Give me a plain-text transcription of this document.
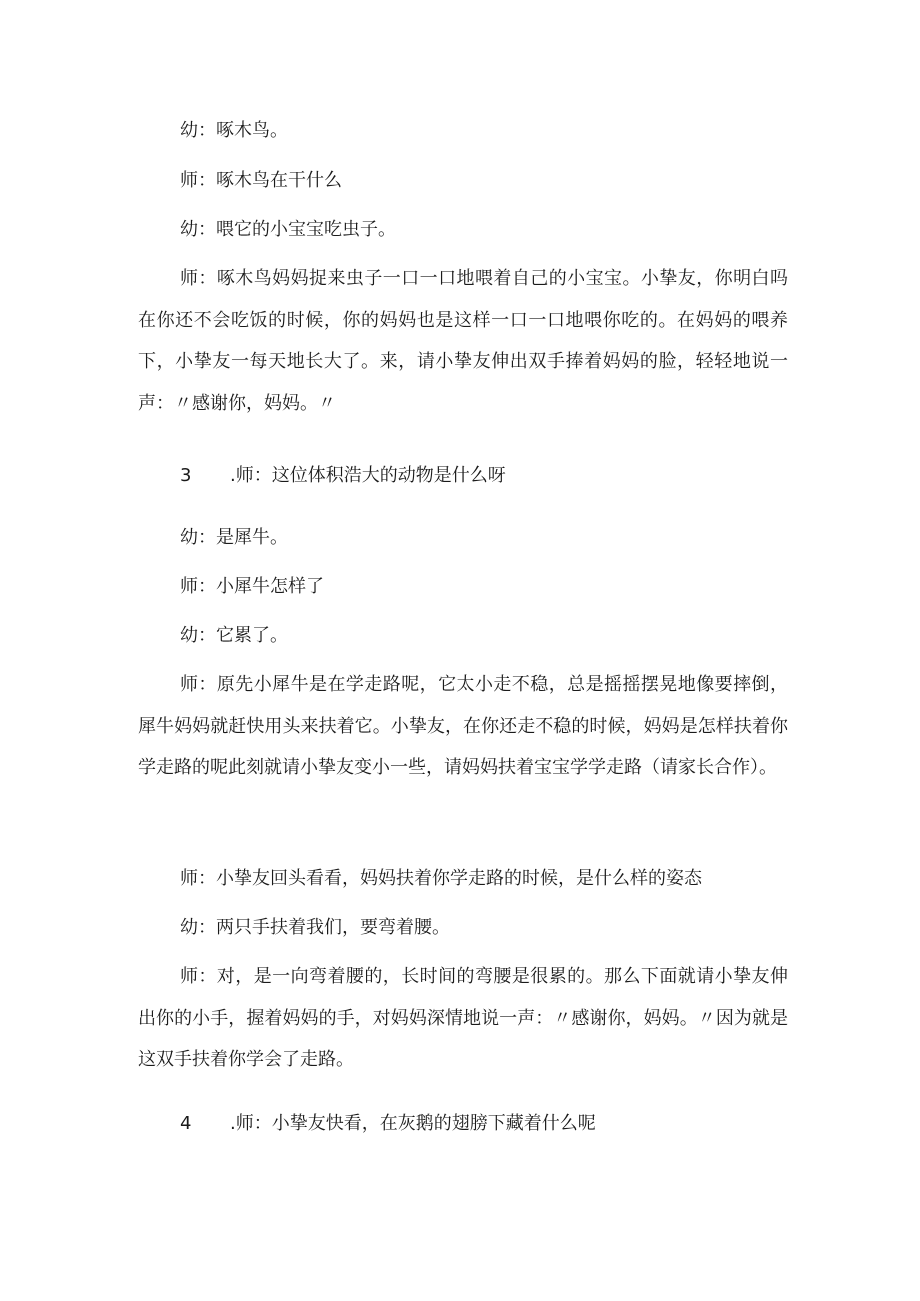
幼：啄木鸟。
师：啄木鸟在干什么
幼：喂它的小宝宝吃虫子。
师：啄木鸟妈妈捉来虫子一口一口地喂着自己的小宝宝。小挚友，你明白吗在你还不会吃饭的时候，你的妈妈也是这样一口一口地喂你吃的。在妈妈的喂养下，小挚友一每天地长大了。来，请小挚友伸出双手捧着妈妈的脸，轻轻地说一声：〃感谢你，妈妈。〃
3 .师：这位体积浩大的动物是什么呀
幼：是犀牛。
师：小犀牛怎样了
幼：它累了。
师：原先小犀牛是在学走路呢，它太小走不稳，总是摇摇摆晃地像要摔倒，犀牛妈妈就赶快用头来扶着它。小挚友，在你还走不稳的时候，妈妈是怎样扶着你学走路的呢此刻就请小挚友变小一些，请妈妈扶着宝宝学学走路（请家长合作）。
师：小挚友回头看看，妈妈扶着你学走路的时候，是什么样的姿态
幼：两只手扶着我们，要弯着腰。
师：对，是一向弯着腰的，长时间的弯腰是很累的。那么下面就请小挚友伸出你的小手，握着妈妈的手，对妈妈深情地说一声：〃感谢你，妈妈。〃因为就是这双手扶着你学会了走路。
4 .师：小挚友快看，在灰鹅的翅膀下藏着什么呢
